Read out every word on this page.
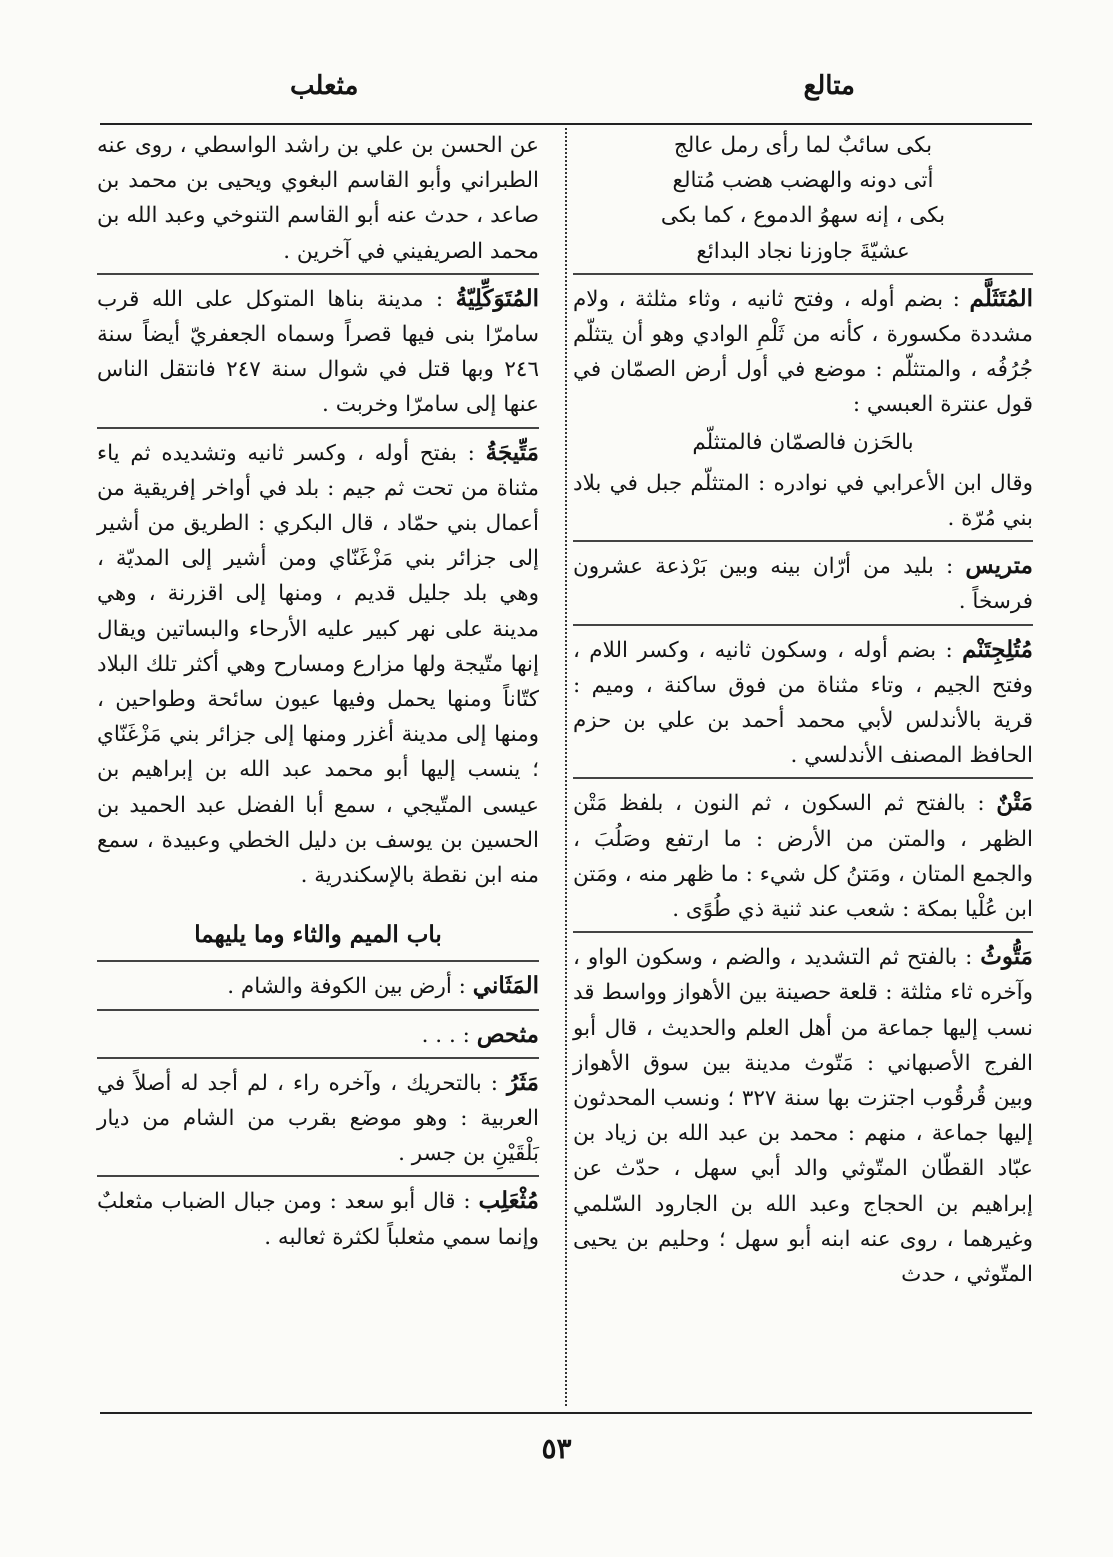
متالع
مثعلب
بكى سائبٌ لما رأى رمل عالج
أتى دونه والهضب هضب مُتالع
بكى ، إنه سهوُ الدموع ، كما بكى
عشيّةَ جاوزنا نجاد البدائع
المُتَثَلَّم : بضم أوله ، وفتح ثانيه ، وثاء مثلثة ، ولام مشددة مكسورة ، كأنه من ثَلْمِ الوادي وهو أن يتثلّم جُرُفُه ، والمتثلّم : موضع في أول أرض الصمّان في قول عنترة العبسي :
بالحَزن فالصمّان فالمتثلّم
وقال ابن الأعرابي في نوادره : المتثلّم جبل في بلاد بني مُرّة .
متريس : بليد من أرّان بينه وبين بَرْذعة عشرون فرسخاً .
مُتُلِجِتَنْم : بضم أوله ، وسكون ثانيه ، وكسر اللام ، وفتح الجيم ، وتاء مثناة من فوق ساكنة ، وميم : قرية بالأندلس لأبي محمد أحمد بن علي بن حزم الحافظ المصنف الأندلسي .
مَتْنٌ : بالفتح ثم السكون ، ثم النون ، بلفظ مَتْن الظهر ، والمتن من الأرض : ما ارتفع وصَلُبَ ، والجمع المتان ، ومَتنُ كل شيء : ما ظهر منه ، ومَتن ابن عُلْيا بمكة : شعب عند ثنية ذي طُوًى .
مَتُّوثُ : بالفتح ثم التشديد ، والضم ، وسكون الواو ، وآخره ثاء مثلثة : قلعة حصينة بين الأهواز وواسط قد نسب إليها جماعة من أهل العلم والحديث ، قال أبو الفرج الأصبهاني : مَتّوث مدينة بين سوق الأهواز وبين قُرقُوب اجتزت بها سنة ٣٢٧ ؛ ونسب المحدثون إليها جماعة ، منهم : محمد بن عبد الله بن زياد بن عبّاد القطّان المتّوثي والد أبي سهل ، حدّث عن إبراهيم بن الحجاج وعبد الله بن الجارود السّلمي وغيرهما ، روى عنه ابنه أبو سهل ؛ وحليم بن يحيى المتّوثي ، حدث
عن الحسن بن علي بن راشد الواسطي ، روى عنه الطبراني وأبو القاسم البغوي ويحيى بن محمد بن صاعد ، حدث عنه أبو القاسم التنوخي وعبد الله بن محمد الصريفيني في آخرين .
المُتَوَكِّلِيّةُ : مدينة بناها المتوكل على الله قرب سامرّا بنى فيها قصراً وسماه الجعفريّ أيضاً سنة ٢٤٦ وبها قتل في شوال سنة ٢٤٧ فانتقل الناس عنها إلى سامرّا وخربت .
مَتِّيجَةُ : بفتح أوله ، وكسر ثانيه وتشديده ثم ياء مثناة من تحت ثم جيم : بلد في أواخر إفريقية من أعمال بني حمّاد ، قال البكري : الطريق من أشير إلى جزائر بني مَزْغَنّاي ومن أشير إلى المديّة ، وهي بلد جليل قديم ، ومنها إلى اقزرنة ، وهي مدينة على نهر كبير عليه الأرحاء والبساتين ويقال إنها متّيجة ولها مزارع ومسارح وهي أكثر تلك البلاد كتّاناً ومنها يحمل وفيها عيون سائحة وطواحين ، ومنها إلى مدينة أغزر ومنها إلى جزائر بني مَزْغَنّاي ؛ ينسب إليها أبو محمد عبد الله بن إبراهيم بن عيسى المتّيجي ، سمع أبا الفضل عبد الحميد بن الحسين بن يوسف بن دليل الخطي وعبيدة ، سمع منه ابن نقطة بالإسكندرية .
باب الميم والثاء وما يليهما
المَثَاني : أرض بين الكوفة والشام .
مثحص : . . .
مَثَرُ : بالتحريك ، وآخره راء ، لم أجد له أصلاً في العربية : وهو موضع بقرب من الشام من ديار بَلْقَيْنِ بن جسر .
مُثْعَلِب : قال أبو سعد : ومن جبال الضباب مثعلبٌ وإنما سمي مثعلباً لكثرة ثعالبه .
٥٣
